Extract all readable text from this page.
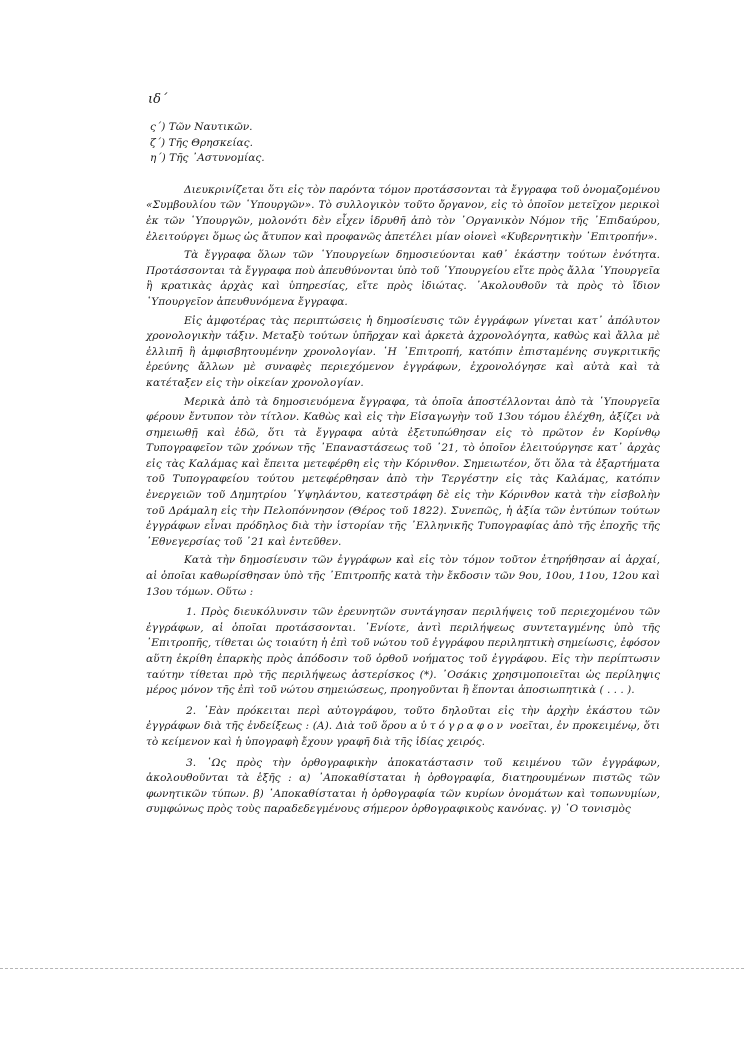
ιδ΄

ς΄) Τῶν Ναυτικῶν.

ζ΄) Τῆς Θρησκείας.

η΄) Τῆς ᾿Αστυνομίας.

Διευκρινίζεται ὅτι εἰς τὸν παρόντα τόμον προτάσσονται τὰ ἔγγραφα τοῦ ὀνομαζομένου «Συμβουλίου τῶν ῾Υπουργῶν». Τὸ συλλογικὸν τοῦτο ὄργανον, εἰς τὸ ὁποῖον μετεῖχον μερικοὶ ἐκ τῶν ῾Υπουργῶν, μολονότι δὲν εἶχεν ἱδρυθῆ ἀπὸ τὸν ᾿Οργανικὸν Νόμον τῆς ᾿Επιδαύρου, ἐλειτούργει ὅμως ὡς ἄτυπον καὶ προφανῶς ἀπετέλει μίαν οἱονεὶ «Κυβερνητικὴν ᾿Επιτροπήν».

Τὰ ἔγγραφα ὅλων τῶν ῾Υπουργείων δημοσιεύονται καθ᾿ ἑκάστην τούτων ἑνότητα. Προτάσσονται τὰ ἔγγραφα ποὺ ἀπευθύνονται ὑπὸ τοῦ ῾Υπουργείου εἴτε πρὸς ἄλλα ῾Υπουργεῖα ἢ κρατικὰς ἀρχὰς καὶ ὑπηρεσίας, εἴτε πρὸς ἰδιώτας. ᾿Ακολουθοῦν τὰ πρὸς τὸ ἴδιον ῾Υπουργεῖον ἀπευθυνόμενα ἔγγραφα.

Εἰς ἀμφοτέρας τὰς περιπτώσεις ἡ δημοσίευσις τῶν ἐγγράφων γίνεται κατ᾿ ἀπόλυτον χρονολογικὴν τάξιν. Μεταξὺ τούτων ὑπῆρχαν καὶ ἀρκετὰ ἀχρονολόγητα, καθὼς καὶ ἄλλα μὲ ἐλλιπῆ ἢ ἀμφισβητουμένην χρονολογίαν. ῾Η ᾿Επιτροπή, κατόπιν ἐπισταμένης συγκριτικῆς ἐρεύνης ἄλλων μὲ συναφὲς περιεχόμενον ἐγγράφων, ἐχρονολόγησε καὶ αὐτὰ καὶ τὰ κατέταξεν εἰς τὴν οἰκείαν χρονολογίαν.

Μερικὰ ἀπὸ τὰ δημοσιευόμενα ἔγγραφα, τὰ ὁποῖα ἀποστέλλονται ἀπὸ τὰ ῾Υπουργεῖα φέρουν ἔντυπον τὸν τίτλον. Καθὼς καὶ εἰς τὴν Εἰσαγωγὴν τοῦ 13ου τόμου ἐλέχθη, ἀξίζει νὰ σημειωθῇ καὶ ἐδῶ, ὅτι τὰ ἔγγραφα αὐτὰ ἐξετυπώθησαν εἰς τὸ πρῶτον ἐν Κορίνθῳ Τυπογραφεῖον τῶν χρόνων τῆς ᾿Επαναστάσεως τοῦ ᾿21, τὸ ὁποῖον ἐλειτούργησε κατ᾿ ἀρχὰς εἰς τὰς Καλάμας καὶ ἔπειτα μετεφέρθη εἰς τὴν Κόρινθον. Σημειωτέον, ὅτι ὅλα τὰ ἐξαρτήματα τοῦ Τυπογραφείου τούτου μετεφέρθησαν ἀπὸ τὴν Τεργέστην εἰς τὰς Καλάμας, κατόπιν ἐνεργειῶν τοῦ Δημητρίου ῾Υψηλάντου, κατεστράφη δὲ εἰς τὴν Κόρινθον κατὰ τὴν εἰσβολὴν τοῦ Δράμαλη εἰς τὴν Πελοπόννησον (Θέρος τοῦ 1822). Συνεπῶς, ἡ ἀξία τῶν ἐντύπων τούτων ἐγγράφων εἶναι πρόδηλος διὰ τὴν ἱστορίαν τῆς ᾿Ελληνικῆς Τυπογραφίας ἀπὸ τῆς ἐποχῆς τῆς ᾿Εθνεγερσίας τοῦ ᾿21 καὶ ἐντεῦθεν.

Κατὰ τὴν δημοσίευσιν τῶν ἐγγράφων καὶ εἰς τὸν τόμον τοῦτον ἐτηρήθησαν αἱ ἀρχαί, αἱ ὁποῖαι καθωρίσθησαν ὑπὸ τῆς ᾿Επιτροπῆς κατὰ τὴν ἔκδοσιν τῶν 9ου, 10ου, 11ου, 12ου καὶ 13ου τόμων. Οὕτω :

1. Πρὸς διευκόλυνσιν τῶν ἐρευνητῶν συντάγησαν περιλήψεις τοῦ περιεχομένου τῶν ἐγγράφων, αἱ ὁποῖαι προτάσσονται. ᾿Ενίοτε, ἀντὶ περιλήψεως συντεταγμένης ὑπὸ τῆς ᾿Επιτροπῆς, τίθεται ὡς τοιαύτη ἡ ἐπὶ τοῦ νώτου τοῦ ἐγγράφου περιληπτικὴ σημείωσις, ἐφόσον αὕτη ἐκρίθη ἐπαρκὴς πρὸς ἀπόδοσιν τοῦ ὀρθοῦ νοήματος τοῦ ἐγγράφου. Εἰς τὴν περίπτωσιν ταύτην τίθεται πρὸ τῆς περιλήψεως ἀστερίσκος (*). ᾿Οσάκις χρησιμοποιεῖται ὡς περίληψις μέρος μόνον τῆς ἐπὶ τοῦ νώτου σημειώσεως, προηγοῦνται ἢ ἕπονται ἀποσιωπητικὰ ( . . . ).

2. ᾿Εὰν πρόκειται περὶ αὐτογράφου, τοῦτο δηλοῦται εἰς τὴν ἀρχὴν ἑκάστου τῶν ἐγγράφων διὰ τῆς ἐνδείξεως : (Α). Διὰ τοῦ ὅρου αὐτόγραφον νοεῖται, ἐν προκειμένῳ, ὅτι τὸ κείμενον καὶ ἡ ὑπογραφὴ ἔχουν γραφῆ διὰ τῆς ἰδίας χειρός.

3. ῾Ως πρὸς τὴν ὀρθογραφικὴν ἀποκατάστασιν τοῦ κειμένου τῶν ἐγγράφων, ἀκολουθοῦνται τὰ ἑξῆς : α) ᾿Αποκαθίσταται ἡ ὀρθογραφία, διατηρουμένων πιστῶς τῶν φωνητικῶν τύπων. β) ᾿Αποκαθίσταται ἡ ὀρθογραφία τῶν κυρίων ὀνομάτων καὶ τοπωνυμίων, συμφώνως πρὸς τοὺς παραδεδεγμένους σήμερον ὀρθογραφικοὺς κανόνας. γ) ῾Ο τονισμὸς
